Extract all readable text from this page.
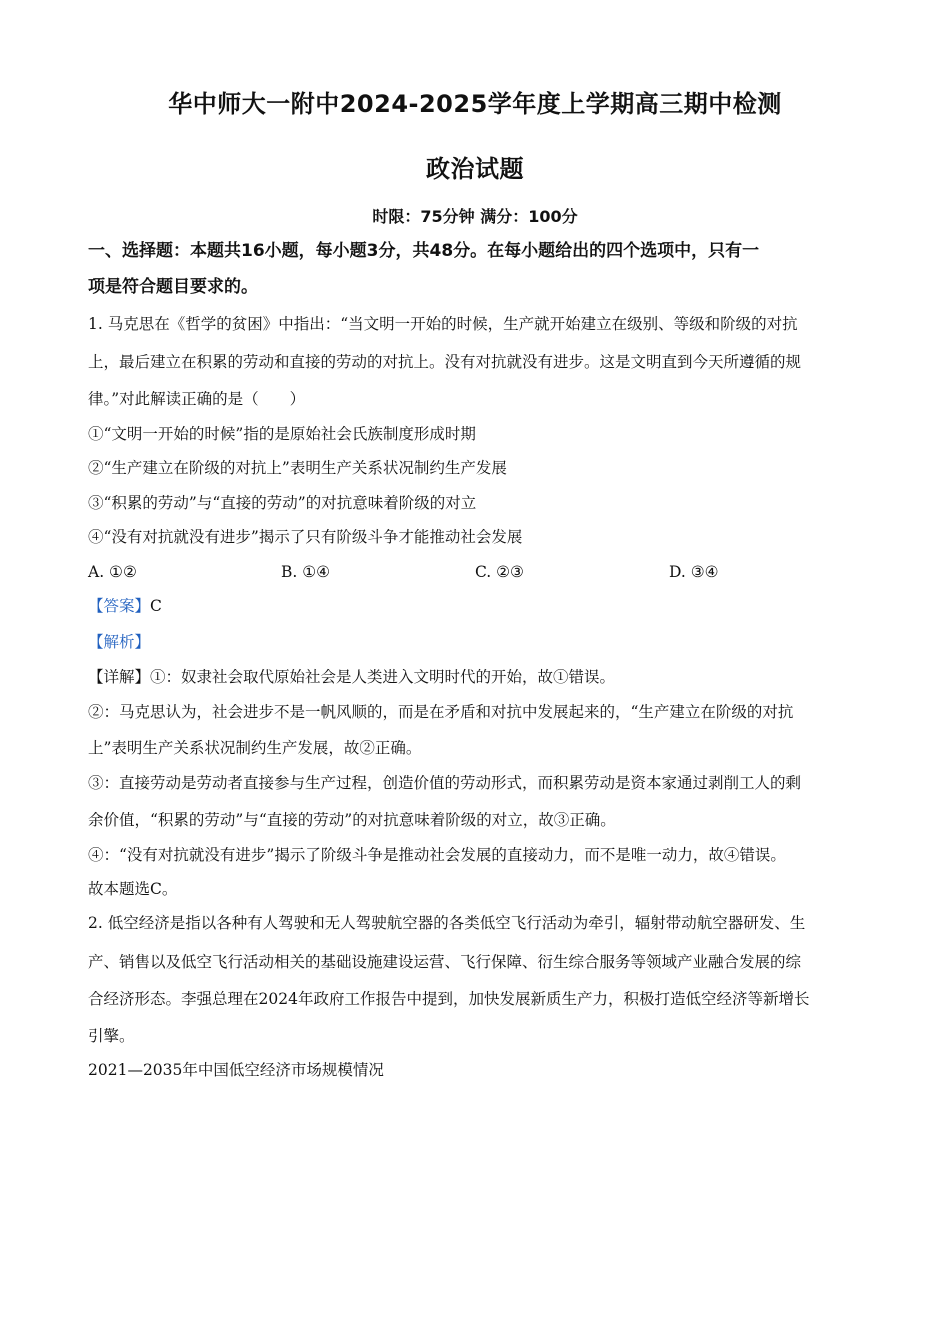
华中师大一附中2024-2025学年度上学期高三期中检测
政治试题
时限：75分钟 满分：100分
一、选择题：本题共16小题，每小题3分，共48分。在每小题给出的四个选项中，只有一
项是符合题目要求的。
1. 马克思在《哲学的贫困》中指出：“当文明一开始的时候，生产就开始建立在级别、等级和阶级的对抗
上，最后建立在积累的劳动和直接的劳动的对抗上。没有对抗就没有进步。这是文明直到今天所遵循的规
律。”对此解读正确的是（　　）
①“文明一开始的时候”指的是原始社会氏族制度形成时期
②“生产建立在阶级的对抗上”表明生产关系状况制约生产发展
③“积累的劳动”与“直接的劳动”的对抗意味着阶级的对立
④“没有对抗就没有进步”揭示了只有阶级斗争才能推动社会发展
A. ①②	B. ①④	C. ②③	D. ③④
【答案】C
【解析】
【详解】①：奴隶社会取代原始社会是人类进入文明时代的开始，故①错误。
②：马克思认为，社会进步不是一帆风顺的，而是在矛盾和对抗中发展起来的，“生产建立在阶级的对抗
上”表明生产关系状况制约生产发展，故②正确。
③：直接劳动是劳动者直接参与生产过程，创造价值的劳动形式，而积累劳动是资本家通过剥削工人的剩
余价值，“积累的劳动”与“直接的劳动”的对抗意味着阶级的对立，故③正确。
④：“没有对抗就没有进步”揭示了阶级斗争是推动社会发展的直接动力，而不是唯一动力，故④错误。
故本题选C。
2. 低空经济是指以各种有人驾驶和无人驾驶航空器的各类低空飞行活动为牵引，辐射带动航空器研发、生
产、销售以及低空飞行活动相关的基础设施建设运营、飞行保障、衍生综合服务等领域产业融合发展的综
合经济形态。李强总理在2024年政府工作报告中提到，加快发展新质生产力，积极打造低空经济等新增长
引擎。
2021—2035年中国低空经济市场规模情况
